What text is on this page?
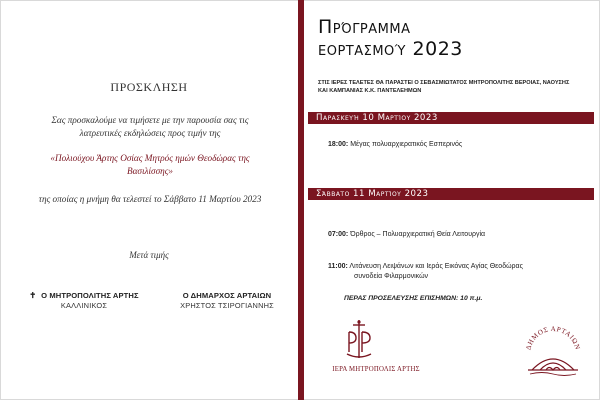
ΠΡΟΣΚΛΗΣΗ
Σας προσκαλούμε να τιμήσετε με την παρουσία σας τις λατρευτικές εκδηλώσεις προς τιμήν της
«Πολιούχου Άρτης Οσίας Μητρός ημών Θεοδώρας της Βασιλίσσης»
της οποίας η μνήμη θα τελεστεί το Σάββατο 11 Μαρτίου 2023
Μετά τιμής
✝ Ο ΜΗΤΡΟΠΟΛΙΤΗΣ ΑΡΤΗΣ
ΚΑΛΛΙΝΙΚΟΣ
Ο ΔΗΜΑΡΧΟΣ ΑΡΤΑΙΩΝ
ΧΡΗΣΤΟΣ ΤΣΙΡΟΓΙΑΝΝΗΣ
Πρόγραμμα
εορτασμού 2023
ΣΤΙΣ ΙΕΡΕΣ ΤΕΛΕΤΕΣ ΘΑ ΠΑΡΑΣΤΕΙ Ο ΣΕΒΑΣΜΙΩΤΑΤΟΣ ΜΗΤΡΟΠΟΛΙΤΗΣ ΒΕΡΟΙΑΣ, ΝΑΟΥΣΗΣ ΚΑΙ ΚΑΜΠΑΝΙΑΣ Κ.Κ. ΠΑΝΤΕΛΕΗΜΩΝ
Παρασκευή 10 Μαρτίου 2023
18:00: Μέγας πολυαρχιερατικός Εσπερινός
Σάββατο 11 Μαρτίου 2023
07:00: Όρθρος – Πολυαρχιερατική Θεία Λειτουργία
11:00: Λιτάνευση Λειψάνων και Ιεράς Εικόνας Αγίας Θεοδώρας
συνοδεία Φιλαρμονικών
ΠΕΡΑΣ ΠΡΟΣΕΛΕΥΣΗΣ ΕΠΙΣΗΜΩΝ: 10 π.μ.
ΙΕΡΑ ΜΗΤΡΟΠΟΛΙΣ ΑΡΤΗΣ
ΔΗΜΟΣ ΑΡΤΑΙΩΝ
